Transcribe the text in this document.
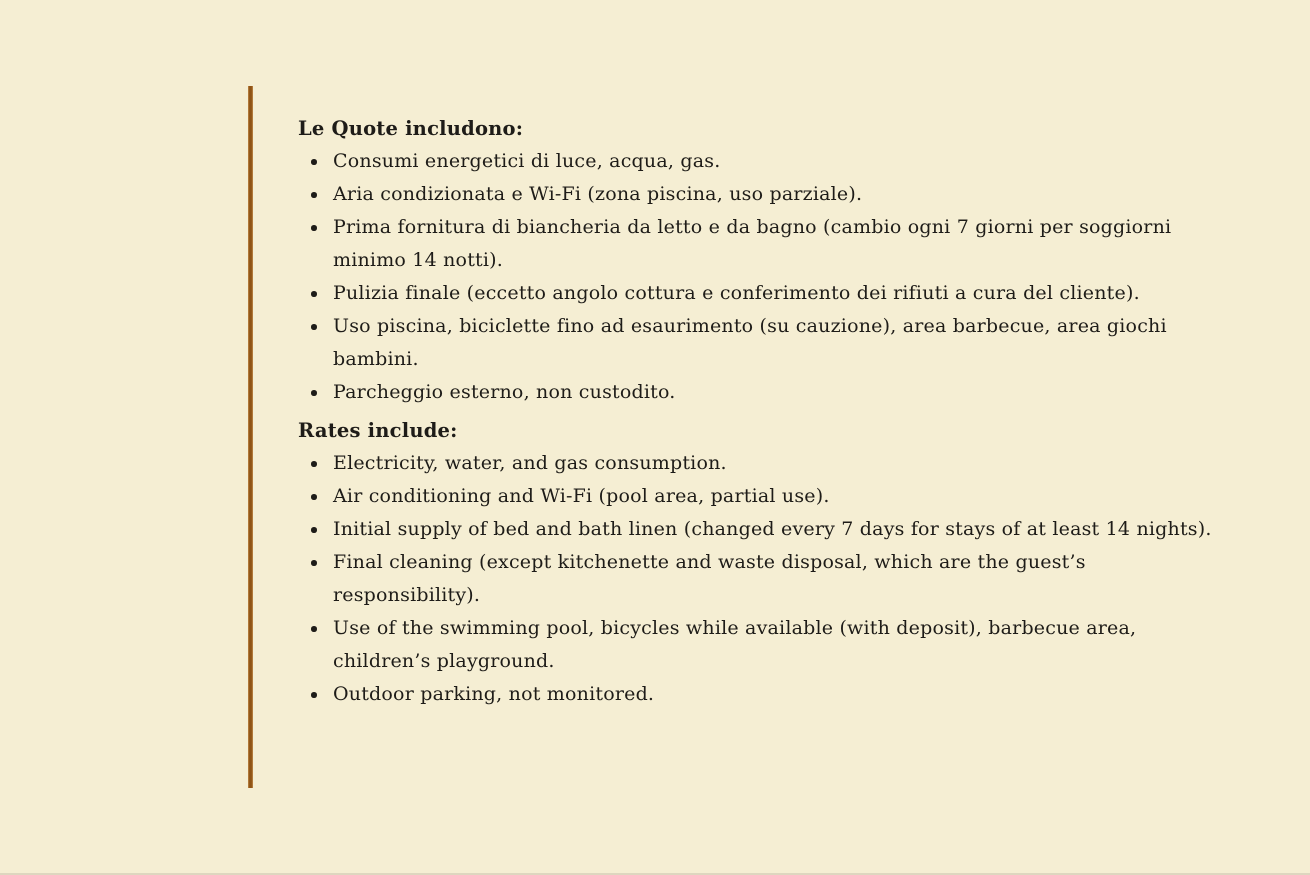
Le Quote includono:
Consumi energetici di luce, acqua, gas.
Aria condizionata e Wi-Fi (zona piscina, uso parziale).
Prima fornitura di biancheria da letto e da bagno (cambio ogni 7 giorni per soggiorni minimo 14 notti).
Pulizia finale (eccetto angolo cottura e conferimento dei rifiuti a cura del cliente).
Uso piscina, biciclette fino ad esaurimento (su cauzione), area barbecue, area giochi bambini.
Parcheggio esterno, non custodito.
Rates include:
Electricity, water, and gas consumption.
Air conditioning and Wi-Fi (pool area, partial use).
Initial supply of bed and bath linen (changed every 7 days for stays of at least 14 nights).
Final cleaning (except kitchenette and waste disposal, which are the guest’s responsibility).
Use of the swimming pool, bicycles while available (with deposit), barbecue area, children’s playground.
Outdoor parking, not monitored.
